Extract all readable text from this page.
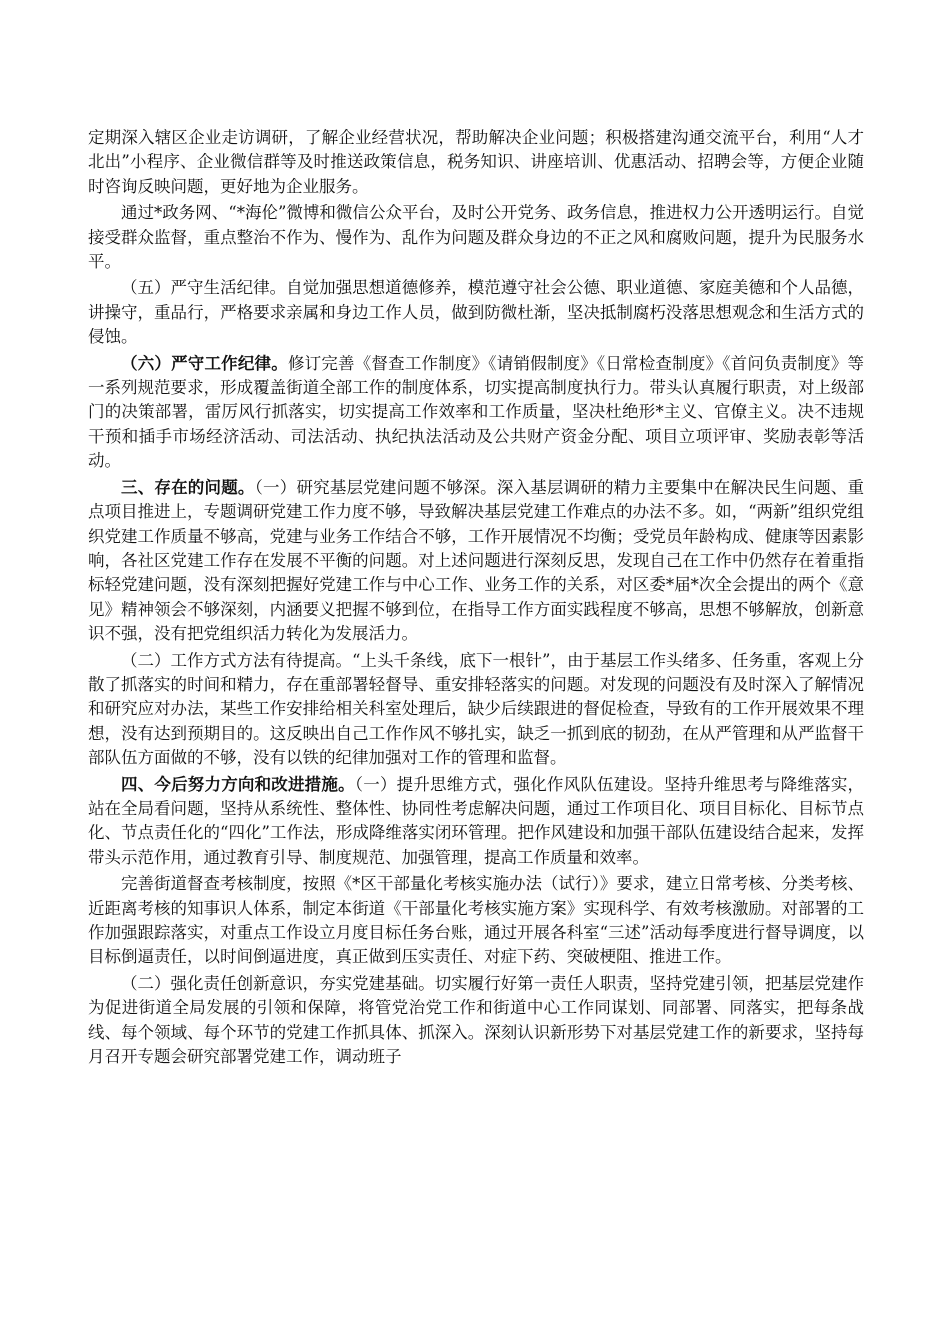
定期深入辖区企业走访调研，了解企业经营状况，帮助解决企业问题；积极搭建沟通交流平台，利用“人才北出”小程序、企业微信群等及时推送政策信息，税务知识、讲座培训、优惠活动、招聘会等，方便企业随时咨询反映问题，更好地为企业服务。

通过*政务网、“*海伦”微博和微信公众平台，及时公开党务、政务信息，推进权力公开透明运行。自觉接受群众监督，重点整治不作为、慢作为、乱作为问题及群众身边的不正之风和腐败问题，提升为民服务水平。

（五）严守生活纪律。自觉加强思想道德修养，模范遵守社会公德、职业道德、家庭美德和个人品德，讲操守，重品行，严格要求亲属和身边工作人员，做到防微杜渐，坚决抵制腐朽没落思想观念和生活方式的侵蚀。

（六）严守工作纪律。修订完善《督查工作制度》《请销假制度》《日常检查制度》《首问负责制度》等一系列规范要求，形成覆盖街道全部工作的制度体系，切实提高制度执行力。带头认真履行职责，对上级部门的决策部署，雷厉风行抓落实，切实提高工作效率和工作质量，坚决杜绝形*主义、官僚主义。决不违规干预和插手市场经济活动、司法活动、执纪执法活动及公共财产资金分配、项目立项评审、奖励表彰等活动。

三、存在的问题。（一）研究基层党建问题不够深。深入基层调研的精力主要集中在解决民生问题、重点项目推进上，专题调研党建工作力度不够，导致解决基层党建工作难点的办法不多。如，“两新”组织党组织党建工作质量不够高，党建与业务工作结合不够，工作开展情况不均衡；受党员年龄构成、健康等因素影响，各社区党建工作存在发展不平衡的问题。对上述问题进行深刻反思，发现自己在工作中仍然存在着重指标轻党建问题，没有深刻把握好党建工作与中心工作、业务工作的关系，对区委*届*次全会提出的两个《意见》精神领会不够深刻，内涵要义把握不够到位，在指导工作方面实践程度不够高，思想不够解放，创新意识不强，没有把党组织活力转化为发展活力。

（二）工作方式方法有待提高。“上头千条线，底下一根针”，由于基层工作头绪多、任务重，客观上分散了抓落实的时间和精力，存在重部署轻督导、重安排轻落实的问题。对发现的问题没有及时深入了解情况和研究应对办法，某些工作安排给相关科室处理后，缺少后续跟进的督促检查，导致有的工作开展效果不理想，没有达到预期目的。这反映出自己工作作风不够扎实，缺乏一抓到底的韧劲，在从严管理和从严监督干部队伍方面做的不够，没有以铁的纪律加强对工作的管理和监督。

四、今后努力方向和改进措施。（一）提升思维方式，强化作风队伍建设。坚持升维思考与降维落实，站在全局看问题，坚持从系统性、整体性、协同性考虑解决问题，通过工作项目化、项目目标化、目标节点化、节点责任化的“四化”工作法，形成降维落实闭环管理。把作风建设和加强干部队伍建设结合起来，发挥带头示范作用，通过教育引导、制度规范、加强管理，提高工作质量和效率。

完善街道督查考核制度，按照《*区干部量化考核实施办法（试行）》要求，建立日常考核、分类考核、近距离考核的知事识人体系，制定本街道《干部量化考核实施方案》实现科学、有效考核激励。对部署的工作加强跟踪落实，对重点工作设立月度目标任务台账，通过开展各科室“三述”活动每季度进行督导调度，以目标倒逼责任，以时间倒逼进度，真正做到压实责任、对症下药、突破梗阻、推进工作。

（二）强化责任创新意识，夯实党建基础。切实履行好第一责任人职责，坚持党建引领，把基层党建作为促进街道全局发展的引领和保障，将管党治党工作和街道中心工作同谋划、同部署、同落实，把每条战线、每个领域、每个环节的党建工作抓具体、抓深入。深刻认识新形势下对基层党建工作的新要求，坚持每月召开专题会研究部署党建工作，调动班子
